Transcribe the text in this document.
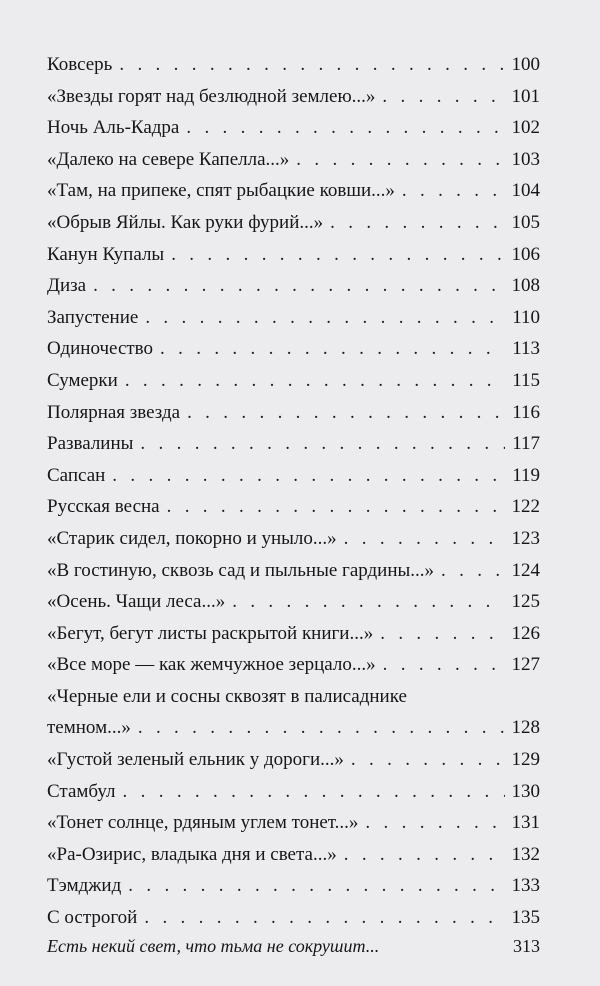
Ковсерь . . .	100
«Звезды горят над безлюдной землею...» . . .	101
Ночь Аль-Кадра . . .	102
«Далеко на севере Капелла...» . . .	103
«Там, на припеке, спят рыбацкие ковши...» . . .	104
«Обрыв Яйлы. Как руки фурий...» . . .	105
Канун Купалы . . .	106
Диза . . .	108
Запустение . . .	110
Одиночество . . .	113
Сумерки . . .	115
Полярная звезда . . .	116
Развалины . . .	117
Сапсан . . .	119
Русская весна . . .	122
«Старик сидел, покорно и уныло...» . . .	123
«В гостиную, сквозь сад и пыльные гардины...» . . .	124
«Осень. Чащи леса...» . . .	125
«Бегут, бегут листы раскрытой книги...» . . .	126
«Все море — как жемчужное зерцало...» . . .	127
«Черные ели и сосны сквозят в палисаднике
темном...» . . .	128
«Густой зеленый ельник у дороги...» . . .	129
Стамбул . . .	130
«Тонет солнце, рдяным углем тонет...» . . .	131
«Ра-Озирис, владыка дня и света...» . . .	132
Тэмджид . . .	133
С острогой . . .	135
Есть некий свет, что тьма не сокрушит...	313
